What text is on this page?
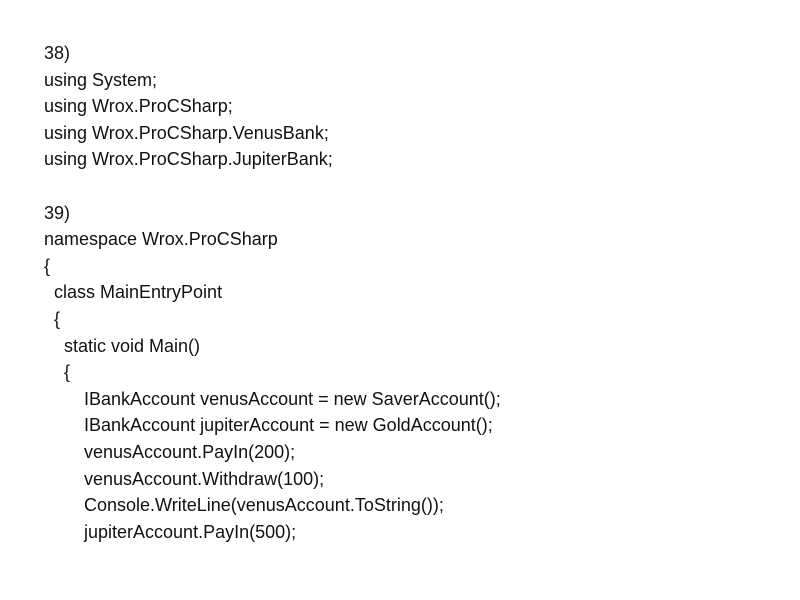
38)
using System;
using Wrox.ProCSharp;
using Wrox.ProCSharp.VenusBank;
using Wrox.ProCSharp.JupiterBank;
39)
namespace Wrox.ProCSharp
{
class MainEntryPoint
{
static void Main()
{
IBankAccount venusAccount = new SaverAccount();
IBankAccount jupiterAccount = new GoldAccount();
venusAccount.PayIn(200);
venusAccount.Withdraw(100);
Console.WriteLine(venusAccount.ToString());
jupiterAccount.PayIn(500);
